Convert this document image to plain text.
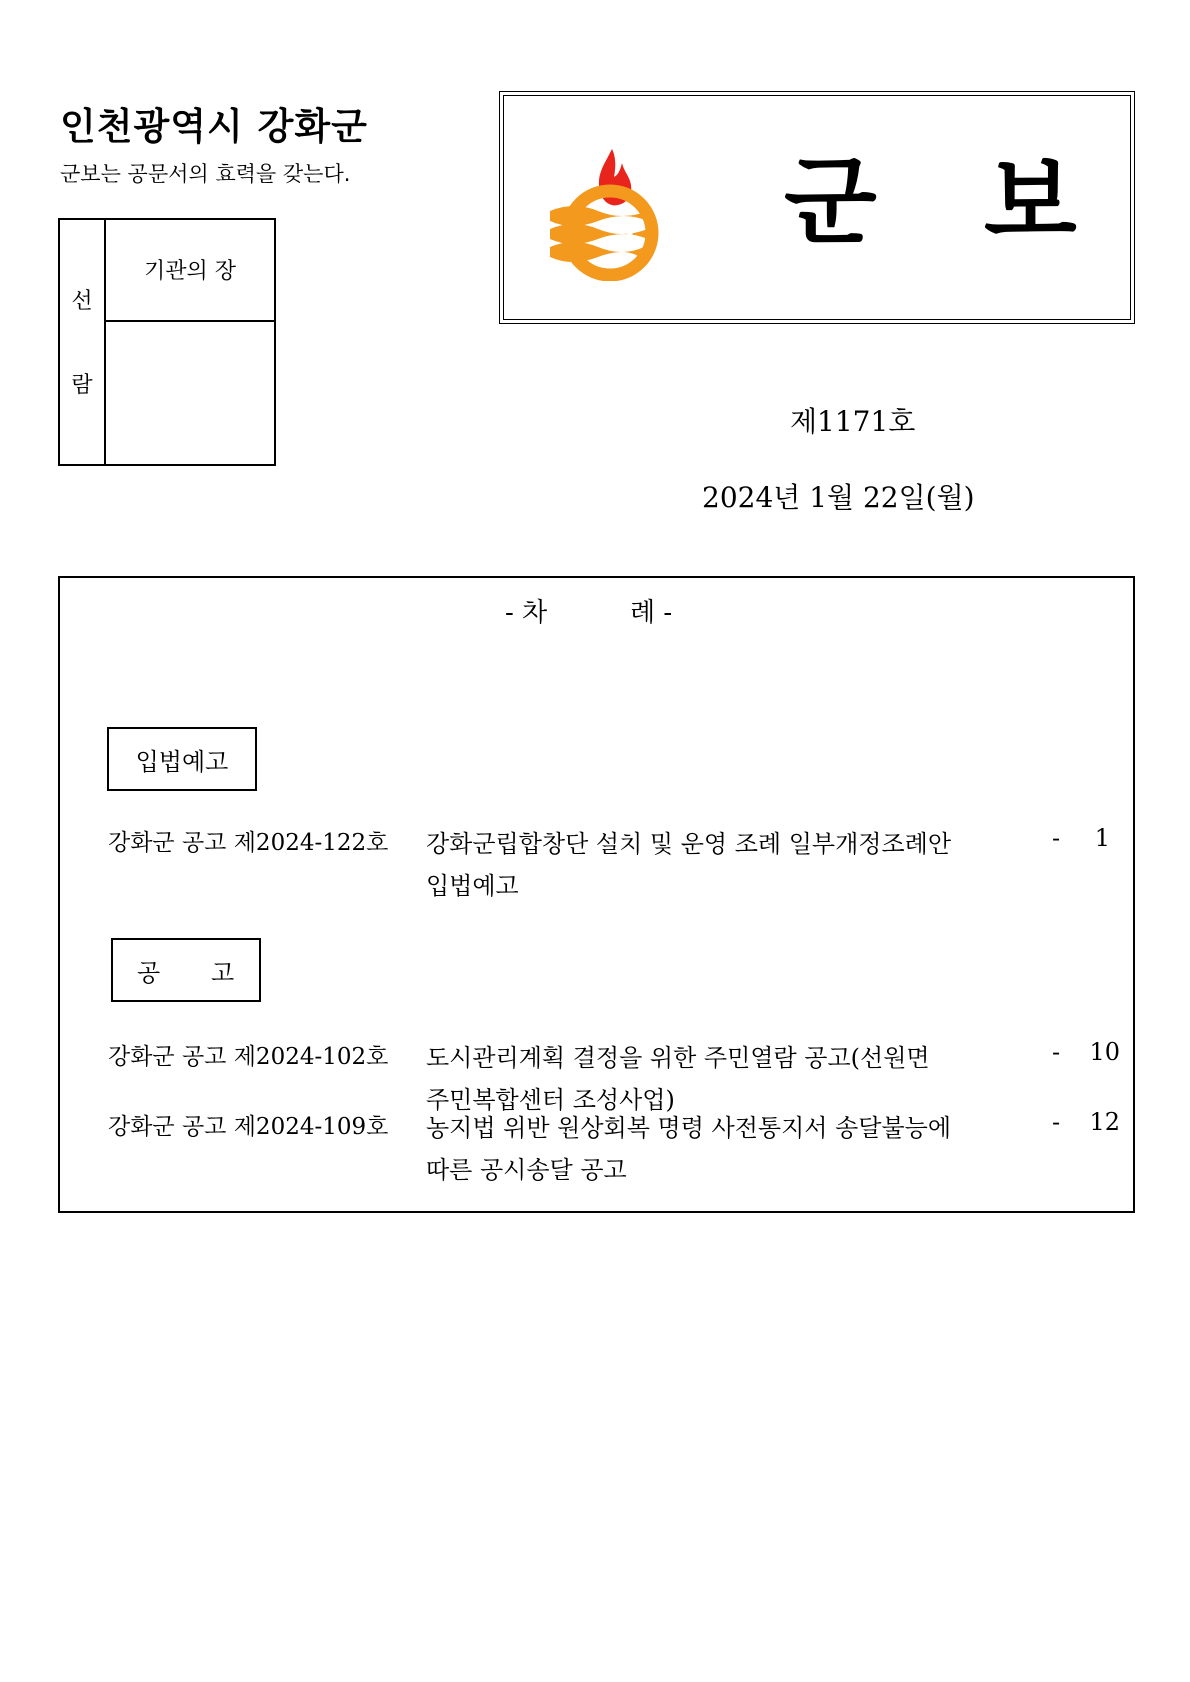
인천광역시 강화군
군보는 공문서의 효력을 갖는다.
선
람
기관의 장
군 보
제1171호
2024년 1월 22일(월)
- 차	례 -
입법예고
강화군 공고 제2024-122호 강화군립합창단 설치 및 운영 조례 일부개정조례안
입법예고
-	1
공 고
강화군 공고 제2024-102호 도시관리계획 결정을 위한 주민열람 공고(선원면
주민복합센터 조성사업)
-	10
강화군 공고 제2024-109호 농지법 위반 원상회복 명령 사전통지서 송달불능에
따른 공시송달 공고
-	12
